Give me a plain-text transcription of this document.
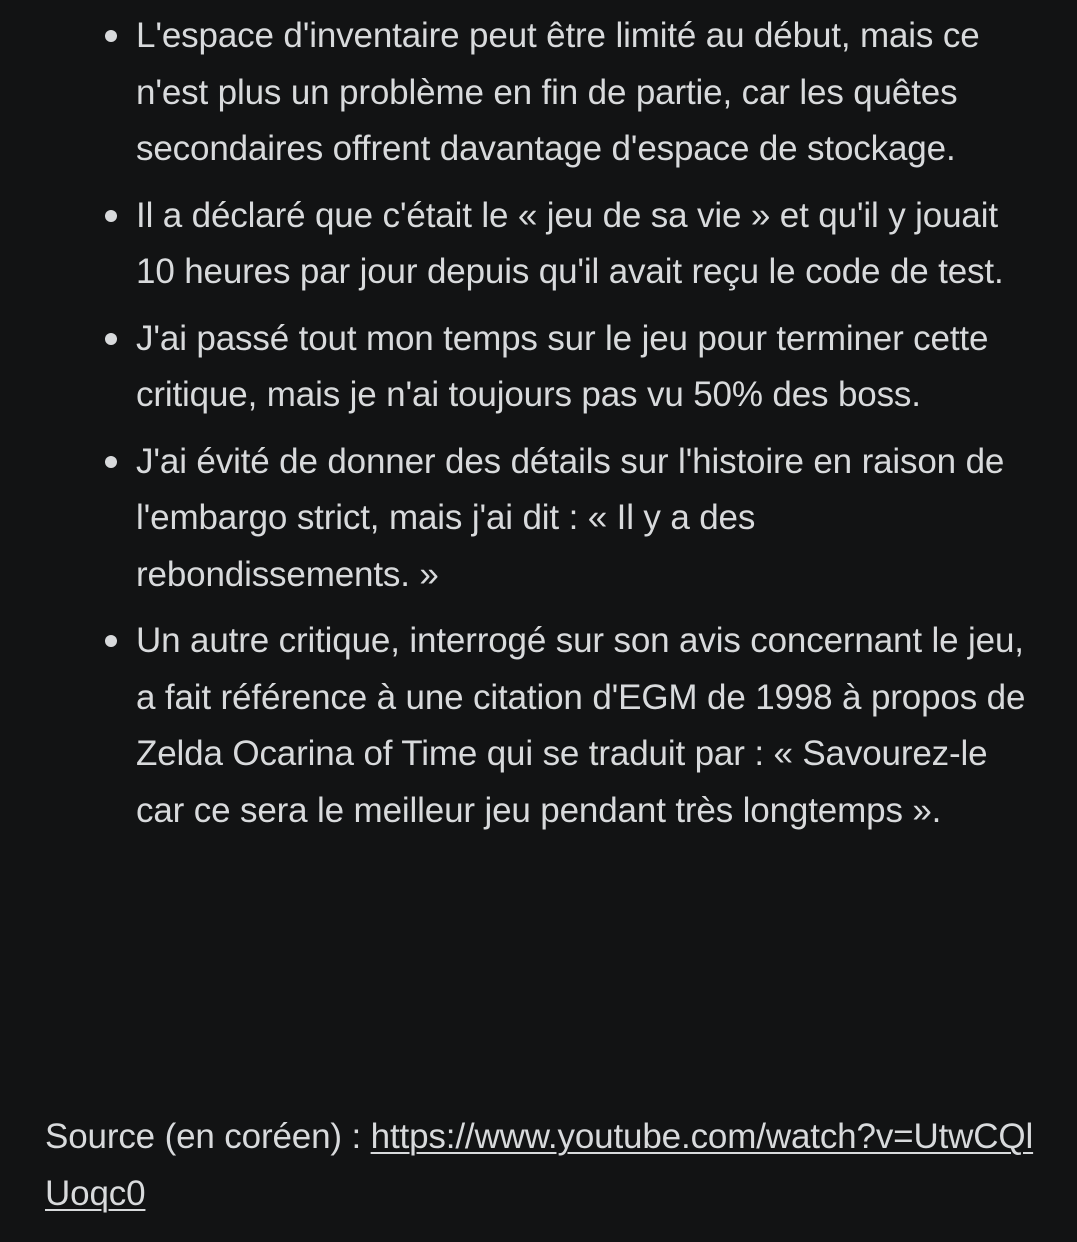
L'espace d'inventaire peut être limité au début, mais ce n'est plus un problème en fin de partie, car les quêtes secondaires offrent davantage d'espace de stockage.
Il a déclaré que c'était le « jeu de sa vie » et qu'il y jouait 10 heures par jour depuis qu'il avait reçu le code de test.
J'ai passé tout mon temps sur le jeu pour terminer cette critique, mais je n'ai toujours pas vu 50% des boss.
J'ai évité de donner des détails sur l'histoire en raison de l'embargo strict, mais j'ai dit : « Il y a des rebondissements. »
Un autre critique, interrogé sur son avis concernant le jeu, a fait référence à une citation d'EGM de 1998 à propos de Zelda Ocarina of Time qui se traduit par : « Savourez-le car ce sera le meilleur jeu pendant très longtemps ».
Source (en coréen) : https://www.youtube.com/watch?v=UtwCQlUoqc0
